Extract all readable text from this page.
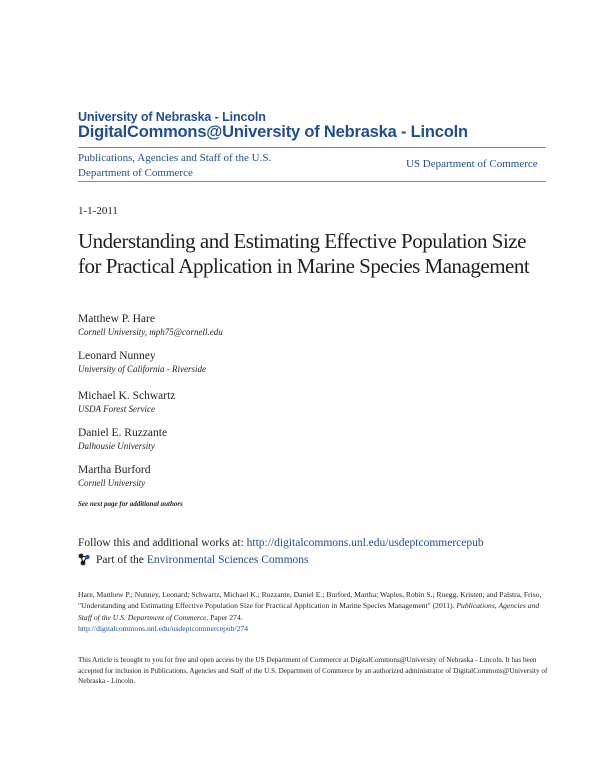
University of Nebraska - Lincoln
DigitalCommons@University of Nebraska - Lincoln
Publications, Agencies and Staff of the U.S. Department of Commerce
US Department of Commerce
1-1-2011
Understanding and Estimating Effective Population Size for Practical Application in Marine Species Management
Matthew P. Hare
Cornell University, mph75@cornell.edu
Leonard Nunney
University of California - Riverside
Michael K. Schwartz
USDA Forest Service
Daniel E. Ruzzante
Dalhousie University
Martha Burford
Cornell University
See next page for additional authors
Follow this and additional works at: http://digitalcommons.unl.edu/usdeptcommercepub
Part of the Environmental Sciences Commons
Hare, Matthew P.; Nunney, Leonard; Schwartz, Michael K.; Ruzzante, Daniel E.; Burford, Martha; Waples, Robin S.; Ruegg, Kristen; and Palstra, Friso, "Understanding and Estimating Effective Population Size for Practical Application in Marine Species Management" (2011). Publications, Agencies and Staff of the U.S. Department of Commerce. Paper 274.
http://digitalcommons.unl.edu/usdeptcommercepub/274
This Article is brought to you for free and open access by the US Department of Commerce at DigitalCommons@University of Nebraska - Lincoln. It has been accepted for inclusion in Publications, Agencies and Staff of the U.S. Department of Commerce by an authorized administrator of DigitalCommons@University of Nebraska - Lincoln.
